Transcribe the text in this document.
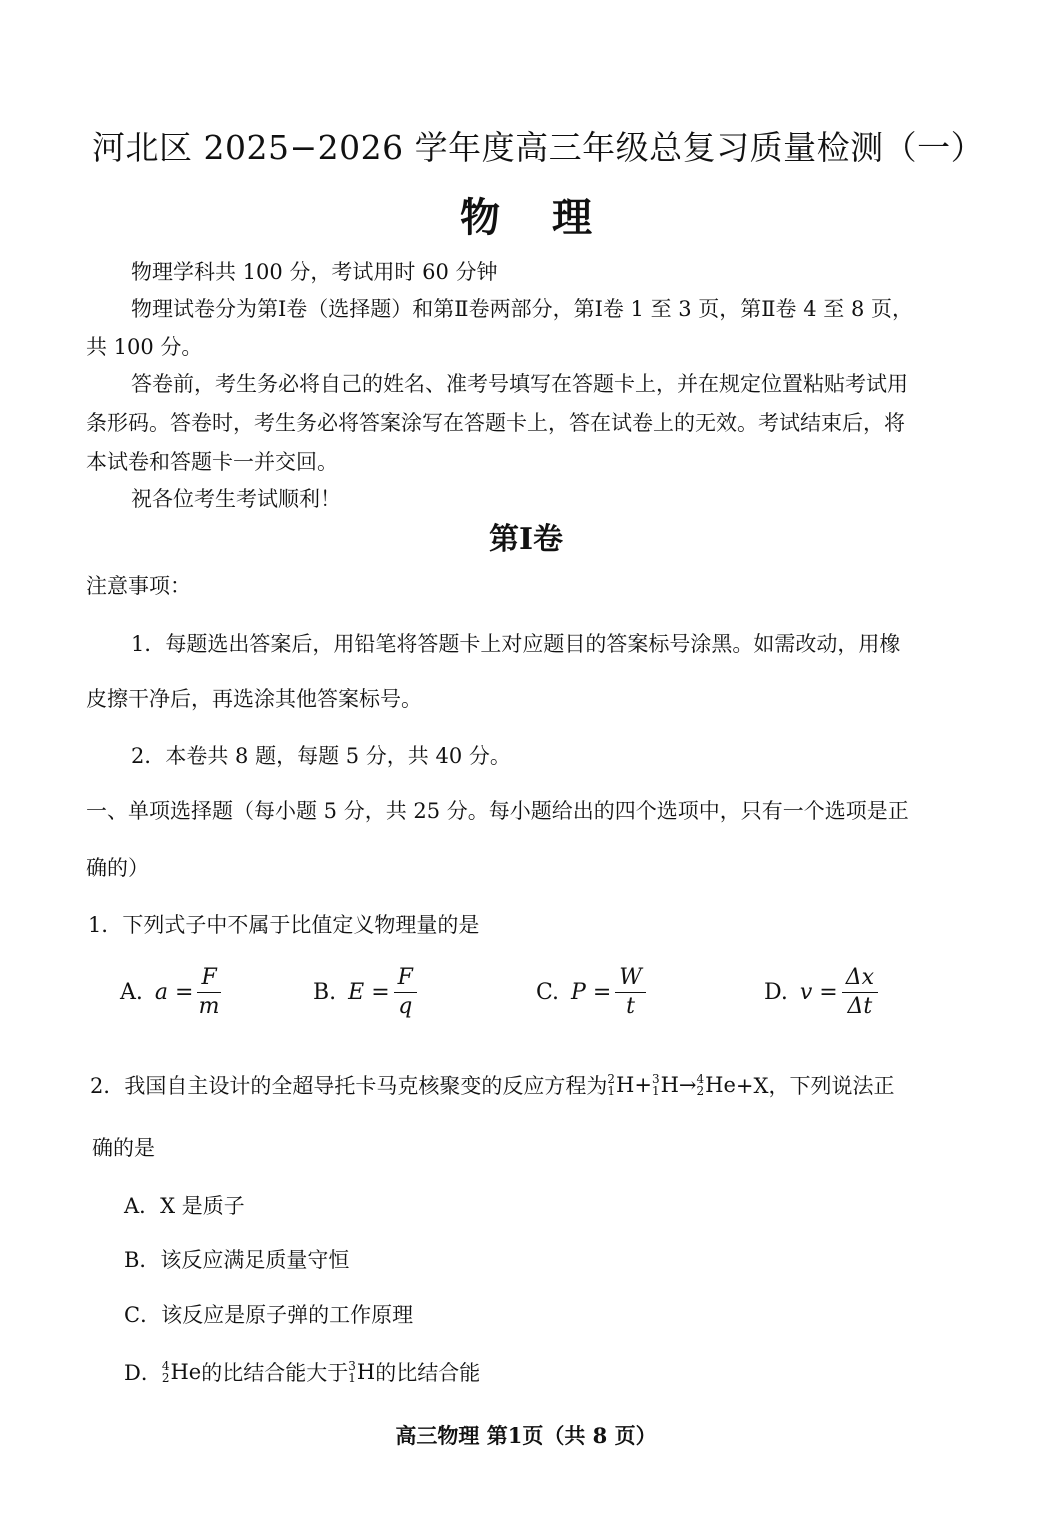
河北区 2025−2026 学年度高三年级总复习质量检测（一）
物理
物理学科共 100 分，考试用时 60 分钟
物理试卷分为第Ⅰ卷（选择题）和第Ⅱ卷两部分，第Ⅰ卷 1 至 3 页，第Ⅱ卷 4 至 8 页，
共 100 分。
答卷前，考生务必将自己的姓名、准考号填写在答题卡上，并在规定位置粘贴考试用
条形码。答卷时，考生务必将答案涂写在答题卡上，答在试卷上的无效。考试结束后，将
本试卷和答题卡一并交回。
祝各位考生考试顺利！
第Ⅰ卷
注意事项：
1．每题选出答案后，用铅笔将答题卡上对应题目的答案标号涂黑。如需改动，用橡
皮擦干净后，再选涂其他答案标号。
2．本卷共 8 题，每题 5 分，共 40 分。
一、单项选择题（每小题 5 分，共 25 分。每小题给出的四个选项中，只有一个选项是正
确的）
1．下列式子中不属于比值定义物理量的是
A. $a = \frac{F}{m}$	B. $E = \frac{F}{q}$	C. $P = \frac{W}{t}$	D. $v = \frac{\Delta x}{\Delta t}$
2．我国自主设计的全超导托卡马克核聚变的反应方程为 2
1 H + 3
1 H → 4
2 He +X，下列说法正
确的是
A．X 是质子
B．该反应满足质量守恒
C．该反应是原子弹的工作原理
D． 4
2 He 的比结合能大于 3
1 H 的比结合能
高三物理 第1页（共 8 页）
